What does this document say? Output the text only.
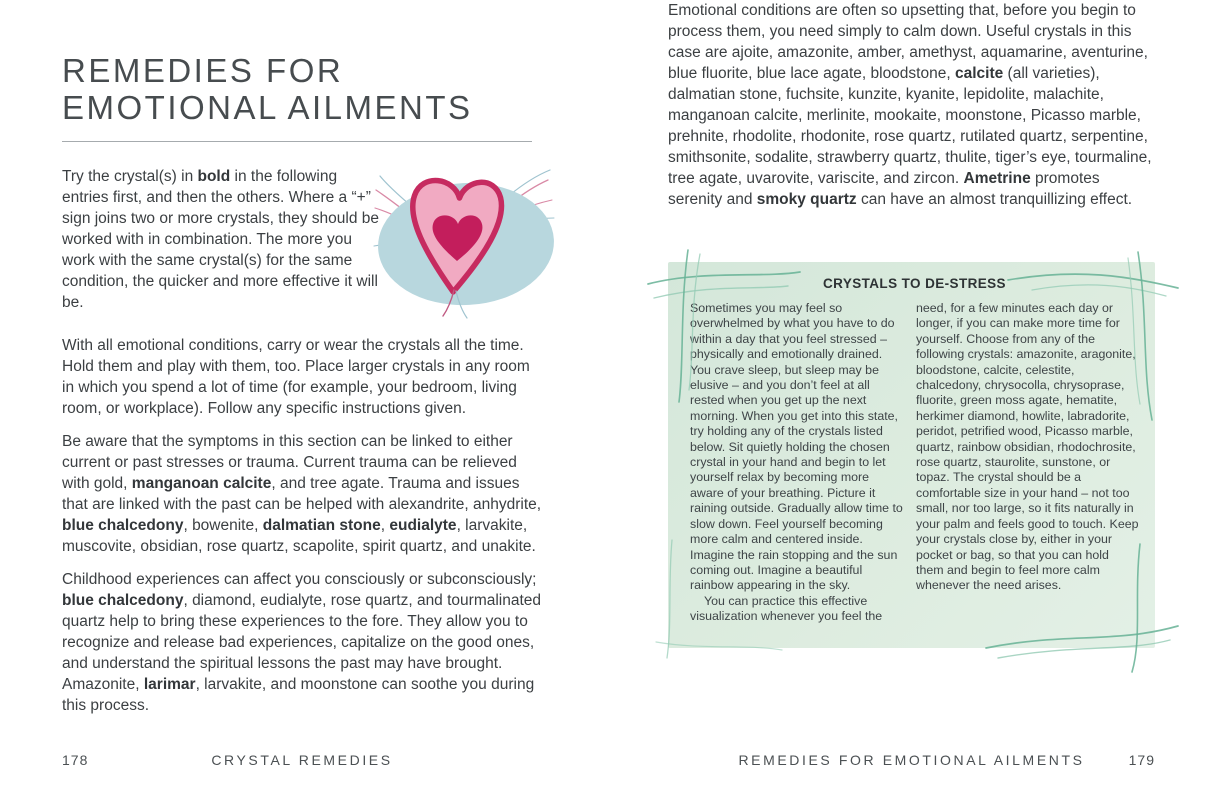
REMEDIES FOR
EMOTIONAL AILMENTS

Try the crystal(s) in bold in the following entries first, and then the others. Where a “+” sign joins two or more crystals, they should be worked with in combination. The more you work with the same crystal(s) for the same condition, the quicker and more effective it will be.

With all emotional conditions, carry or wear the crystals all the time. Hold them and play with them, too. Place larger crystals in any room in which you spend a lot of time (for example, your bedroom, living room, or workplace). Follow any specific instructions given.

Be aware that the symptoms in this section can be linked to either current or past stresses or trauma. Current trauma can be relieved with gold, manganoan calcite, and tree agate. Trauma and issues that are linked with the past can be helped with alexandrite, anhydrite, blue chalcedony, bowenite, dalmatian stone, eudialyte, larvakite, muscovite, obsidian, rose quartz, scapolite, spirit quartz, and unakite.

Childhood experiences can affect you consciously or subconsciously; blue chalcedony, diamond, eudialyte, rose quartz, and tourmalinated quartz help to bring these experiences to the fore. They allow you to recognize and release bad experiences, capitalize on the good ones, and understand the spiritual lessons the past may have brought. Amazonite, larimar, larvakite, and moonstone can soothe you during this process.

Emotional conditions are often so upsetting that, before you begin to process them, you need simply to calm down. Useful crystals in this case are ajoite, amazonite, amber, amethyst, aquamarine, aventurine, blue fluorite, blue lace agate, bloodstone, calcite (all varieties), dalmatian stone, fuchsite, kunzite, kyanite, lepidolite, malachite, manganoan calcite, merlinite, mookaite, moonstone, Picasso marble, prehnite, rhodolite, rhodonite, rose quartz, rutilated quartz, serpentine, smithsonite, sodalite, strawberry quartz, thulite, tiger’s eye, tourmaline, tree agate, uvarovite, variscite, and zircon. Ametrine promotes serenity and smoky quartz can have an almost tranquillizing effect.

CRYSTALS TO DE-STRESS

Sometimes you may feel so overwhelmed by what you have to do within a day that you feel stressed – physically and emotionally drained. You crave sleep, but sleep may be elusive – and you don’t feel at all rested when you get up the next morning. When you get into this state, try holding any of the crystals listed below. Sit quietly holding the chosen crystal in your hand and begin to let yourself relax by becoming more aware of your breathing. Picture it raining outside. Gradually allow time to slow down. Feel yourself becoming more calm and centered inside. Imagine the rain stopping and the sun coming out. Imagine a beautiful rainbow appearing in the sky.

You can practice this effective visualization whenever you feel the

need, for a few minutes each day or longer, if you can make more time for yourself. Choose from any of the following crystals: amazonite, aragonite, bloodstone, calcite, celestite, chalcedony, chrysocolla, chrysoprase, fluorite, green moss agate, hematite, herkimer diamond, howlite, labradorite, peridot, petrified wood, Picasso marble, quartz, rainbow obsidian, rhodochrosite, rose quartz, staurolite, sunstone, or topaz. The crystal should be a comfortable size in your hand – not too small, nor too large, so it fits naturally in your palm and feels good to touch. Keep your crystals close by, either in your pocket or bag, so that you can hold them and begin to feel more calm whenever the need arises.

178	CRYSTAL REMEDIES	REMEDIES FOR EMOTIONAL AILMENTS	179
